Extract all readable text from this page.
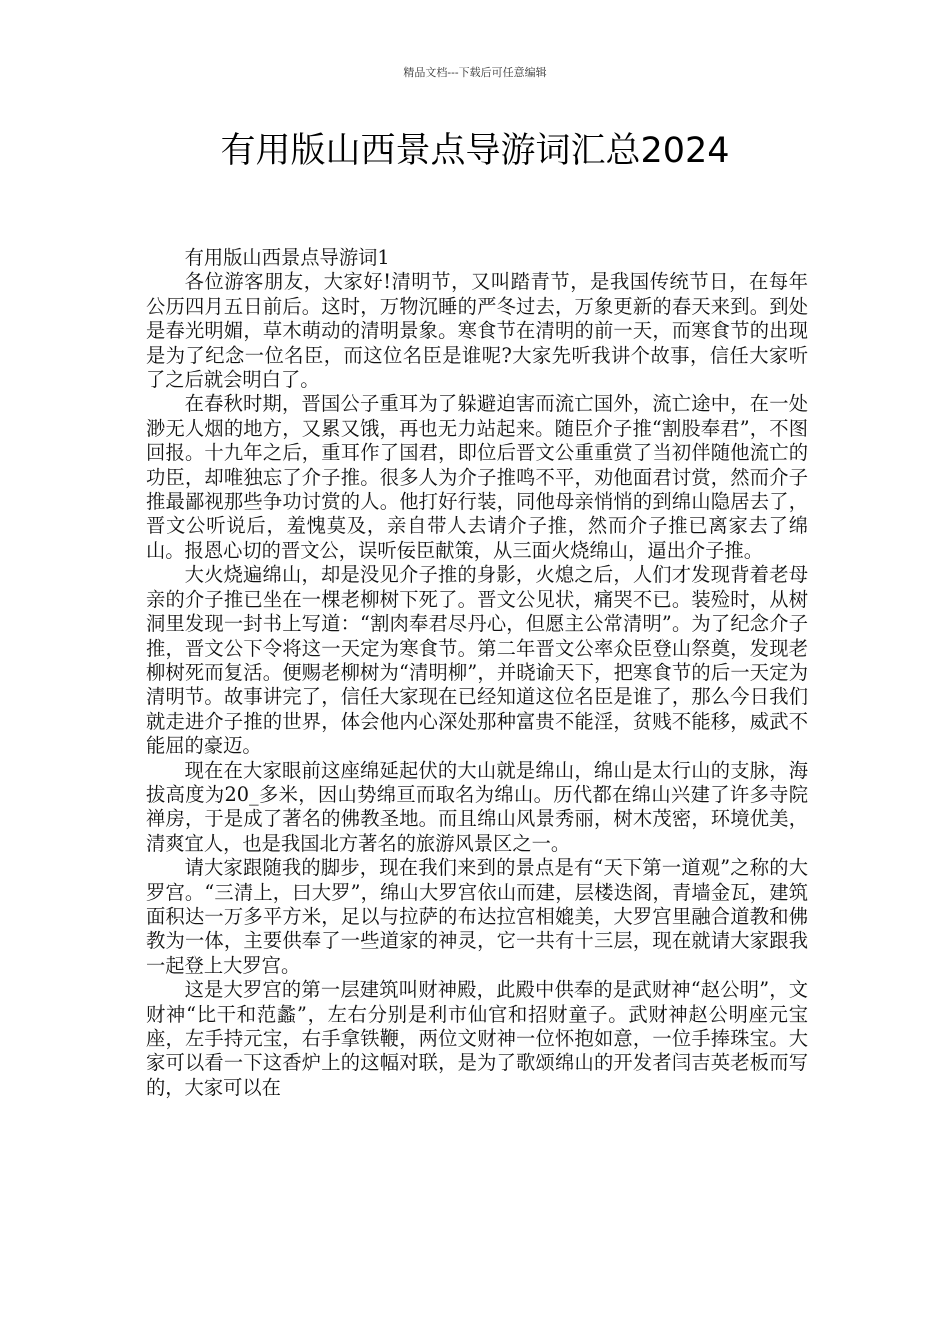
精品文档---下载后可任意编辑
有用版山西景点导游词汇总2024

有用版山西景点导游词1

各位游客朋友，大家好!清明节，又叫踏青节，是我国传统节日，在每年公历四月五日前后。这时，万物沉睡的严冬过去，万象更新的春天来到。到处是春光明媚，草木萌动的清明景象。寒食节在清明的前一天，而寒食节的出现是为了纪念一位名臣，而这位名臣是谁呢?大家先听我讲个故事，信任大家听了之后就会明白了。

在春秋时期，晋国公子重耳为了躲避迫害而流亡国外，流亡途中，在一处渺无人烟的地方，又累又饿，再也无力站起来。随臣介子推“割股奉君”，不图回报。十九年之后，重耳作了国君，即位后晋文公重重赏了当初伴随他流亡的功臣，却唯独忘了介子推。很多人为介子推鸣不平，劝他面君讨赏，然而介子推最鄙视那些争功讨赏的人。他打好行装，同他母亲悄悄的到绵山隐居去了，晋文公听说后，羞愧莫及，亲自带人去请介子推，然而介子推已离家去了绵山。报恩心切的晋文公，误听佞臣献策，从三面火烧绵山，逼出介子推。

大火烧遍绵山，却是没见介子推的身影，火熄之后，人们才发现背着老母亲的介子推已坐在一棵老柳树下死了。晋文公见状，痛哭不已。装殓时，从树洞里发现一封书上写道：“割肉奉君尽丹心，但愿主公常清明”。为了纪念介子推，晋文公下令将这一天定为寒食节。第二年晋文公率众臣登山祭奠，发现老柳树死而复活。便赐老柳树为“清明柳”，并晓谕天下，把寒食节的后一天定为清明节。故事讲完了，信任大家现在已经知道这位名臣是谁了，那么今日我们就走进介子推的世界，体会他内心深处那种富贵不能淫，贫贱不能移，威武不能屈的豪迈。

现在在大家眼前这座绵延起伏的大山就是绵山，绵山是太行山的支脉，海拔高度为20_多米，因山势绵亘而取名为绵山。历代都在绵山兴建了许多寺院禅房，于是成了著名的佛教圣地。而且绵山风景秀丽，树木茂密，环境优美，清爽宜人，也是我国北方著名的旅游风景区之一。

请大家跟随我的脚步，现在我们来到的景点是有“天下第一道观”之称的大罗宫。“三清上，曰大罗”，绵山大罗宫依山而建，层楼迭阁，青墙金瓦，建筑面积达一万多平方米，足以与拉萨的布达拉宫相媲美，大罗宫里融合道教和佛教为一体，主要供奉了一些道家的神灵，它一共有十三层，现在就请大家跟我一起登上大罗宫。

这是大罗宫的第一层建筑叫财神殿，此殿中供奉的是武财神“赵公明”，文财神“比干和范蠡”，左右分别是利市仙官和招财童子。武财神赵公明座元宝座，左手持元宝，右手拿铁鞭，两位文财神一位怀抱如意，一位手捧珠宝。大家可以看一下这香炉上的这幅对联，是为了歌颂绵山的开发者闫吉英老板而写的，大家可以在
